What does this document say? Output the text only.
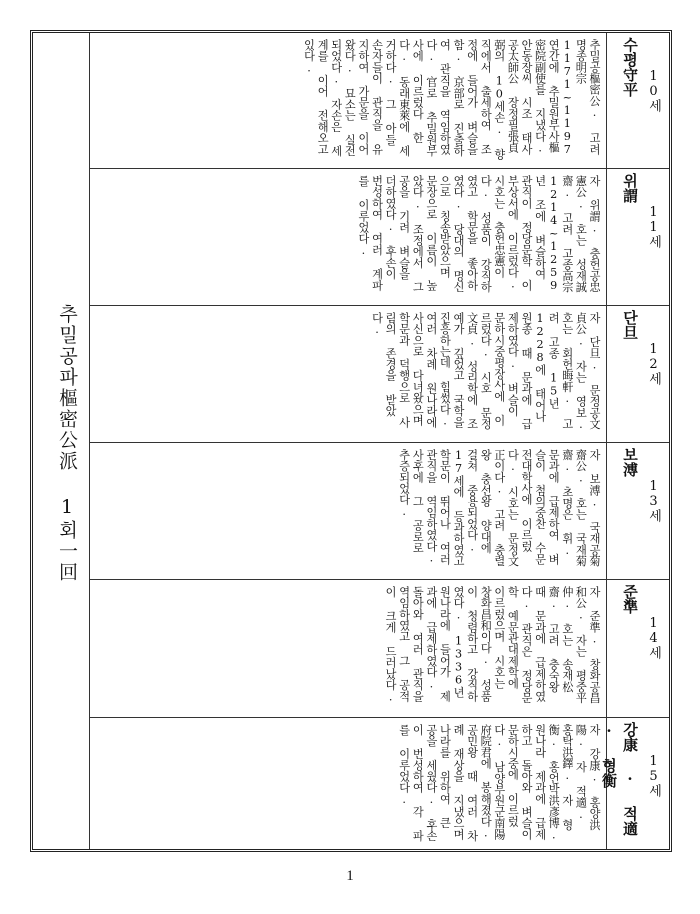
추밀공파樞密公派 1회一回
수평守平 10세
추밀공樞密公. 고려 명종明宗1171~1197 연간에 추밀원부사樞密院副使를 지냈다. 안동장씨 시조 태사공太師公 장정필張貞弼의 10세손. 향직에서 출세하여 조정에 들어가 벼슬을 함. 京部로 진출하여 관직을 역임하였다. 官로 추밀원부사에 이르렀다 한다. 동래東萊에 세거하다. 그 아들 손자들이 관직을 유지하여 가문을 이어 왔다. 묘소는 실전되었다. 자손은 세계를 이어 전해오고 있다.
위謂
11세
자 위謂. 충헌공忠憲公. 호는 성재誠齋. 고려 고종高宗1214~1259년 조에 벼슬하여 관직이 정당문학 이부상서에 이르렀다. 시호는 충헌忠憲이다. 성품이 강직하였고 학문을 좋아하였다. 당대의 명신으로 칭송받았으며 문장으로 이름이 높았다. 조정에서 그 공을 기려 벼슬을 더하였다. 후손이 번성하여 여러 계파를 이루었다.
단旦
12세
자 단旦. 문정공文貞公. 자는 영보. 호는 회헌晦軒. 고려 고종 15년1228에 태어나 원종 때 문과에 급제하였다. 벼슬이 문하시중평장사에 이르렀다. 시호 문정文貞. 성리학에 조예가 깊었고 국학을 진흥하는데 힘썼다. 여러 차례 원나라에 사신으로 다녀왔으며 학문과 덕행으로 사림의 존경을 받았다.
보溥
13세
자 보溥. 국재공菊齋公. 호는 국재菊齋. 초명은 휘. 문과에 급제하여 벼슬이 첨의중찬 수문전대학사에 이르렀다. 시호는 문정文正이다. 고려 충렬왕 충선왕 양대에 걸쳐 중용되었다. 17세에 등과하였고 학문이 뛰어나 여러 관직을 역임하였다. 사후에 그 공로로 추증되었다.
준準
14세
자 준準. 창화공昌和公. 자는 평중平仲. 호는 송재松齋. 고려 충숙왕 때 문과에 급제하였다. 관직은 정당문학 예문관대제학에 이르렀으며 시호는 창화昌和이다. 성품이 청렴하고 강직하였다. 1336년 원나라에 들어가 제과에 급제하였다. 돌아와 여러 관직을 역임하였고 그 공적이 크게 드러났다.
강康 · 적適 · 형衡	15세
자 강康. 홍양洪陽. 자 적適. 홍탁洪鐸. 자 형衡. 홍언박洪彥博. 원나라 제과에 급제하고 돌아와 벼슬이 문하시중에 이르렀다. 남양부원군南陽府院君에 봉해졌다. 공민왕 때 여러 차례 재상을 지냈으며 나라를 위하여 큰 공을 세웠다. 후손이 번성하여 각 파를 이루었다.
1
